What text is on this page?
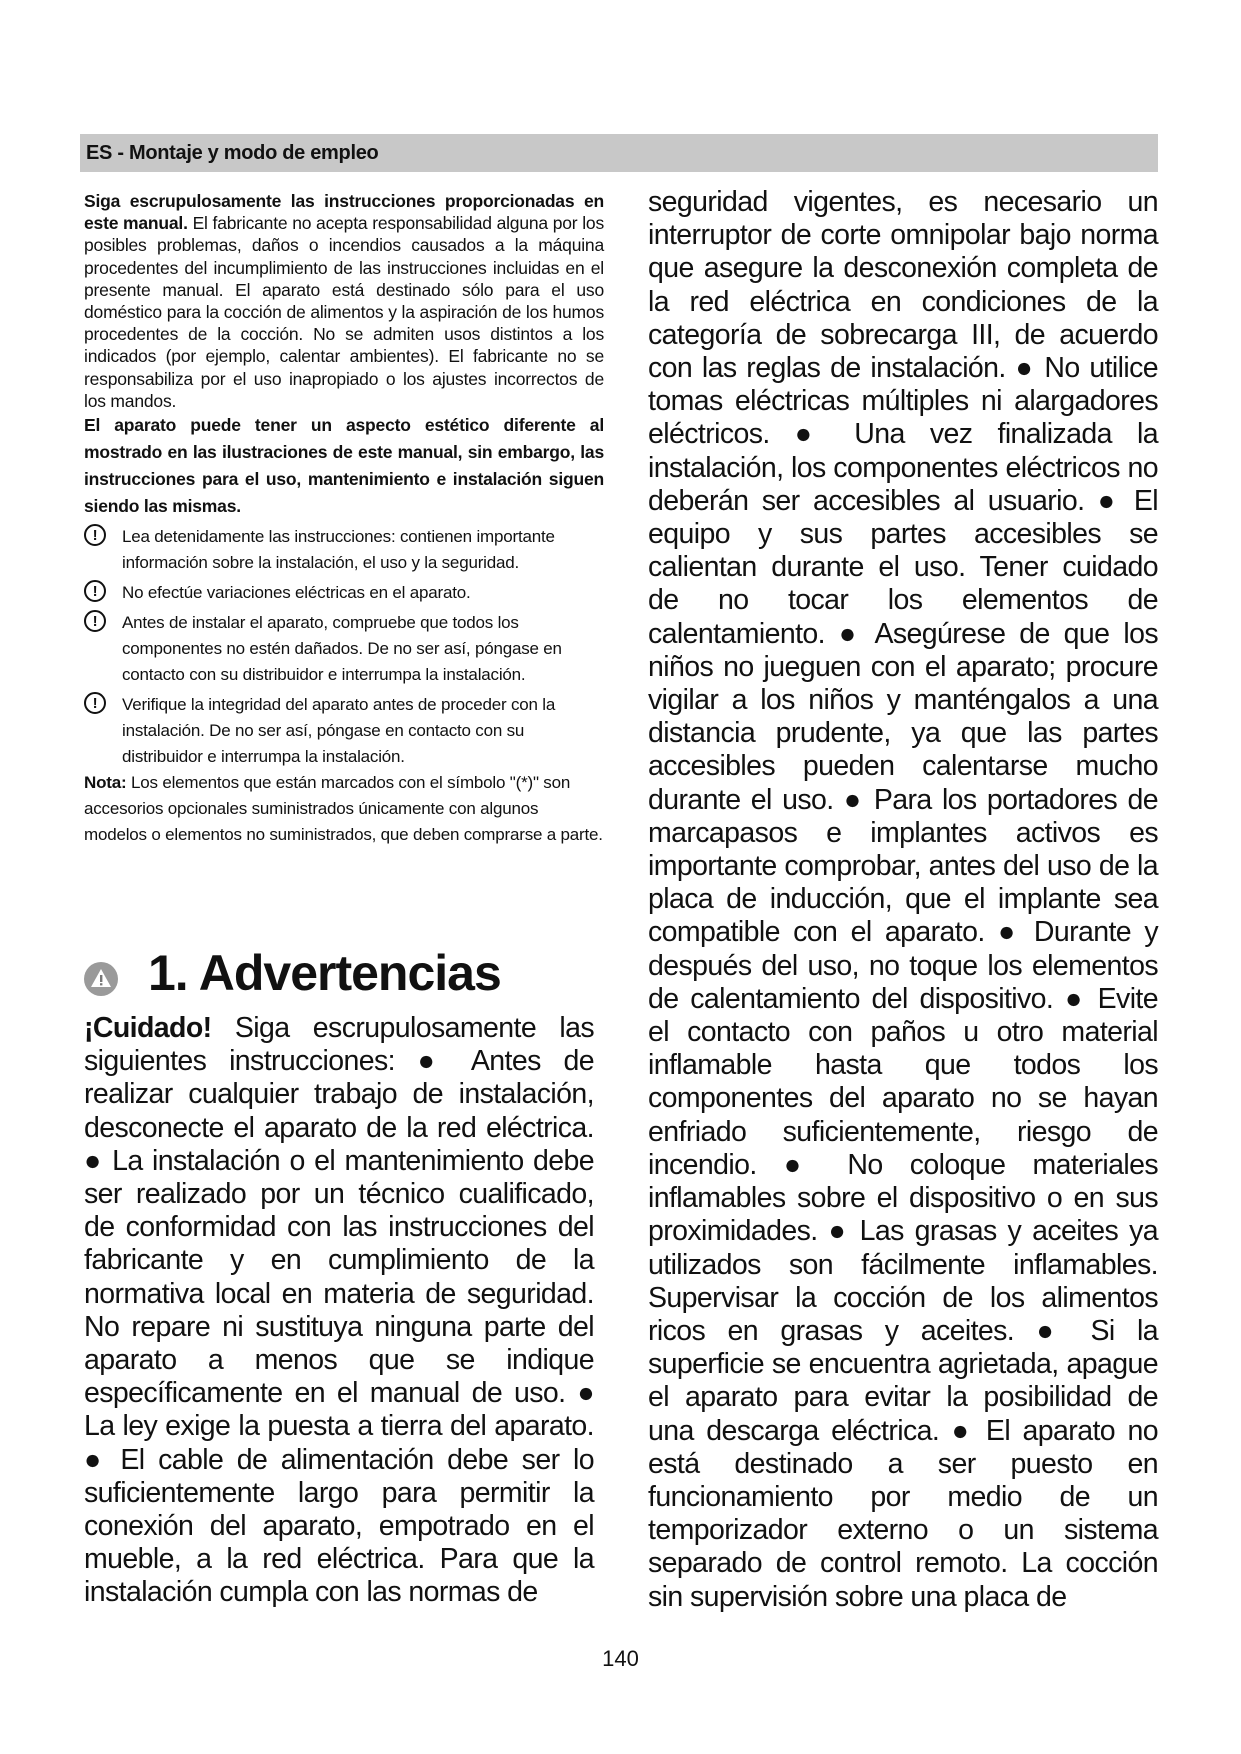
ES - Montaje y modo de empleo

Siga escrupulosamente las instrucciones proporcionadas en este manual. El fabricante no acepta responsabilidad alguna por los posibles problemas, daños o incendios causados a la máquina procedentes del incumplimiento de las instrucciones incluidas en el presente manual. El aparato está destinado sólo para el uso doméstico para la cocción de alimentos y la aspiración de los humos procedentes de la cocción. No se admiten usos distintos a los indicados (por ejemplo, calentar ambientes). El fabricante no se responsabiliza por el uso inapropiado o los ajustes incorrectos de los mandos.

El aparato puede tener un aspecto estético diferente al mostrado en las ilustraciones de este manual, sin embargo, las instrucciones para el uso, mantenimiento e instalación siguen siendo las mismas.

!	Lea detenidamente las instrucciones: contienen importante información sobre la instalación, el uso y la seguridad.
!	No efectúe variaciones eléctricas en el aparato.
!	Antes de instalar el aparato, compruebe que todos los componentes no estén dañados. De no ser así, póngase en contacto con su distribuidor e interrumpa la instalación.
!	Verifique la integridad del aparato antes de proceder con la instalación. De no ser así, póngase en contacto con su distribuidor e interrumpa la instalación.

Nota: Los elementos que están marcados con el símbolo "(*)" son accesorios opcionales suministrados únicamente con algunos modelos o elementos no suministrados, que deben comprarse a parte.

1. Advertencias

¡Cuidado! Siga escrupulosamente las siguientes instrucciones: ● Antes de realizar cualquier trabajo de instalación, desconecte el aparato de la red eléctrica. ● La instalación o el mantenimiento debe ser realizado por un técnico cualificado, de conformidad con las instrucciones del fabricante y en cumplimiento de la normativa local en materia de seguridad. No repare ni sustituya ninguna parte del aparato a menos que se indique específicamente en el manual de uso. ● La ley exige la puesta a tierra del aparato. ● El cable de alimentación debe ser lo suficientemente largo para permitir la conexión del aparato, empotrado en el mueble, a la red eléctrica. Para que la instalación cumpla con las normas de

seguridad vigentes, es necesario un interruptor de corte omnipolar bajo norma que asegure la desconexión completa de la red eléctrica en condiciones de la categoría de sobrecarga III, de acuerdo con las reglas de instalación. ● No utilice tomas eléctricas múltiples ni alargadores eléctricos. ● Una vez finalizada la instalación, los componentes eléctricos no deberán ser accesibles al usuario. ● El equipo y sus partes accesibles se calientan durante el uso. Tener cuidado de no tocar los elementos de calentamiento. ● Asegúrese de que los niños no jueguen con el aparato; procure vigilar a los niños y manténgalos a una distancia prudente, ya que las partes accesibles pueden calentarse mucho durante el uso. ● Para los portadores de marcapasos e implantes activos es importante comprobar, antes del uso de la placa de inducción, que el implante sea compatible con el aparato. ● Durante y después del uso, no toque los elementos de calentamiento del dispositivo. ● Evite el contacto con paños u otro material inflamable hasta que todos los componentes del aparato no se hayan enfriado suficientemente, riesgo de incendio. ● No coloque materiales inflamables sobre el dispositivo o en sus proximidades. ● Las grasas y aceites ya utilizados son fácilmente inflamables. Supervisar la cocción de los alimentos ricos en grasas y aceites. ● Si la superficie se encuentra agrietada, apague el aparato para evitar la posibilidad de una descarga eléctrica. ● El aparato no está destinado a ser puesto en funcionamiento por medio de un temporizador externo o un sistema separado de control remoto. La cocción sin supervisión sobre una placa de

140
